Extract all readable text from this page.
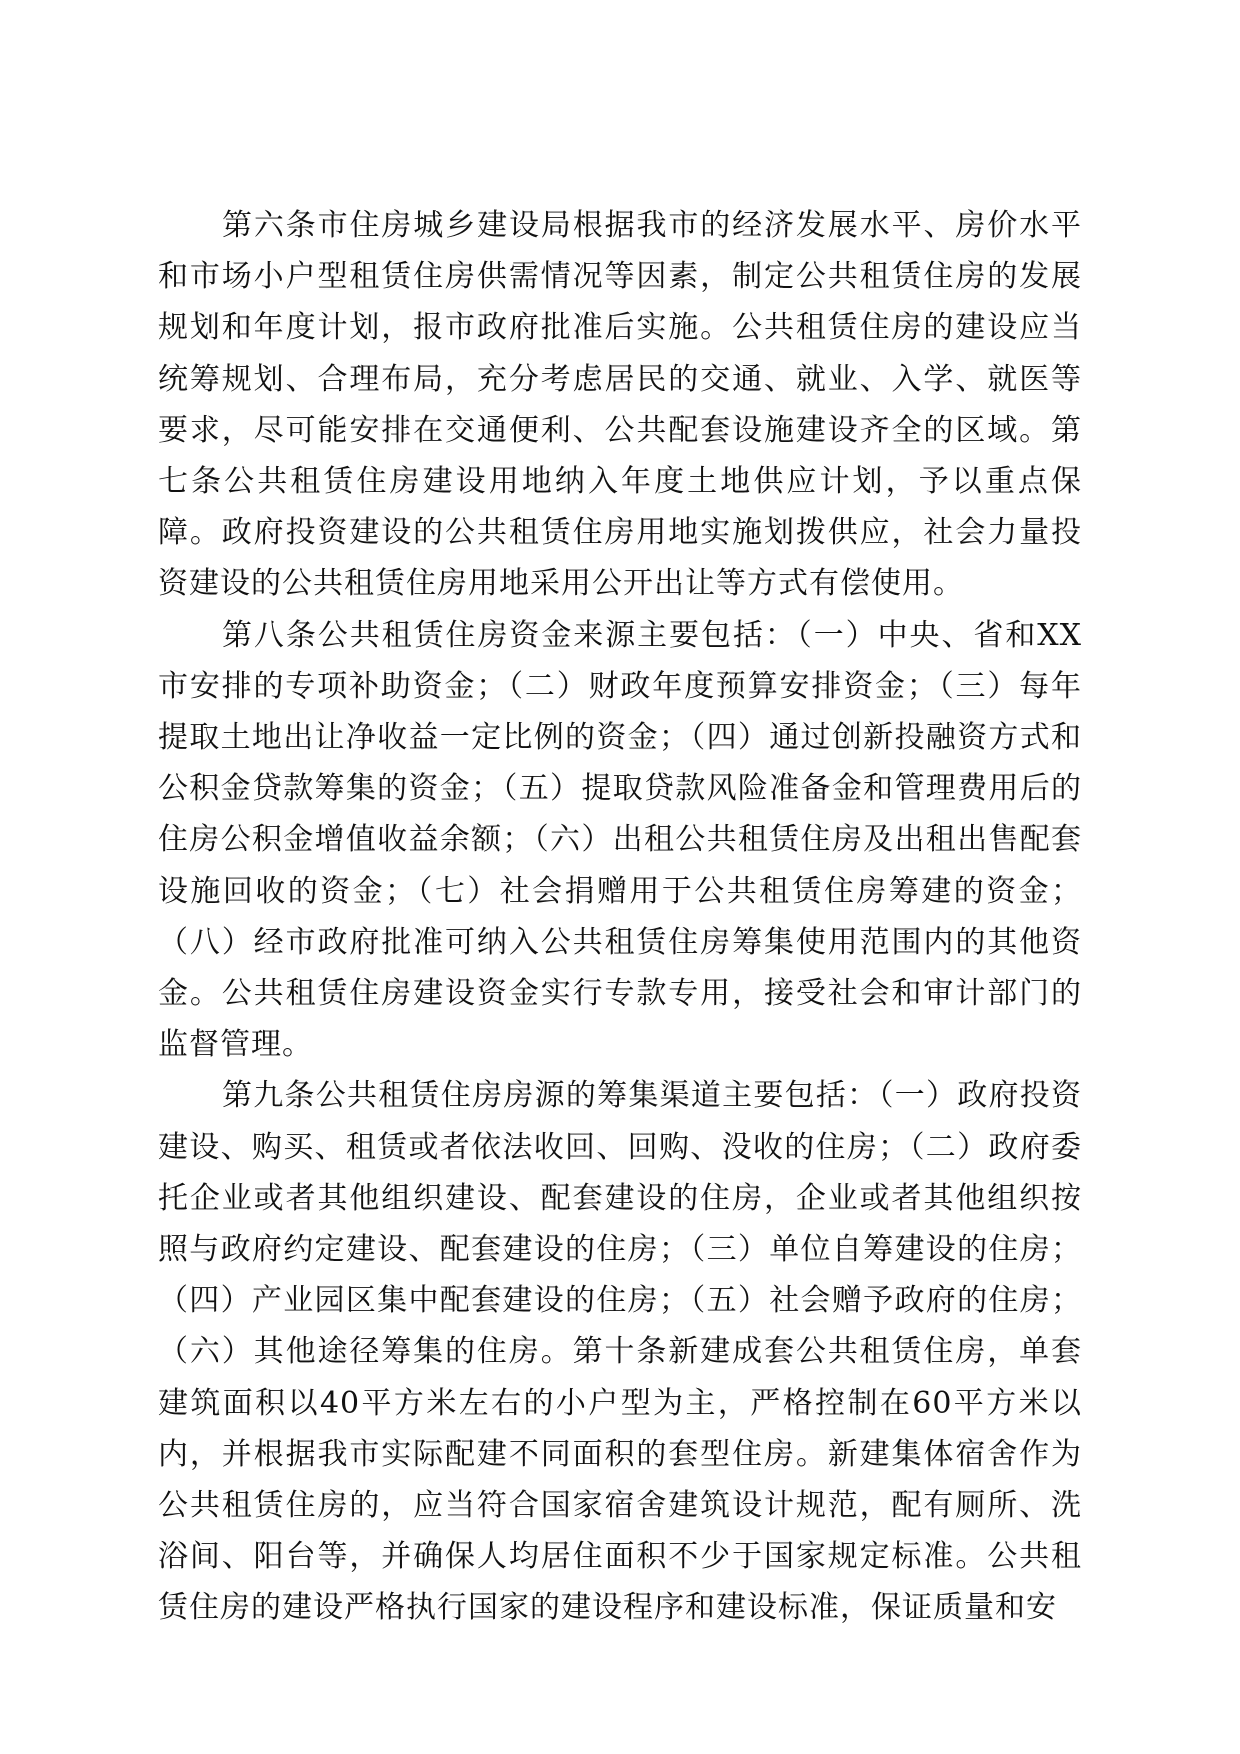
第六条市住房城乡建设局根据我市的经济发展水平、房价水平和市场小户型租赁住房供需情况等因素，制定公共租赁住房的发展规划和年度计划，报市政府批准后实施。公共租赁住房的建设应当统筹规划、合理布局，充分考虑居民的交通、就业、入学、就医等要求，尽可能安排在交通便利、公共配套设施建设齐全的区域。第七条公共租赁住房建设用地纳入年度土地供应计划，予以重点保障。政府投资建设的公共租赁住房用地实施划拨供应，社会力量投资建设的公共租赁住房用地采用公开出让等方式有偿使用。

第八条公共租赁住房资金来源主要包括：（一）中央、省和XX市安排的专项补助资金；（二）财政年度预算安排资金；（三）每年提取土地出让净收益一定比例的资金；（四）通过创新投融资方式和公积金贷款筹集的资金；（五）提取贷款风险准备金和管理费用后的住房公积金增值收益余额；（六）出租公共租赁住房及出租出售配套设施回收的资金；（七）社会捐赠用于公共租赁住房筹建的资金；（八）经市政府批准可纳入公共租赁住房筹集使用范围内的其他资金。公共租赁住房建设资金实行专款专用，接受社会和审计部门的监督管理。

第九条公共租赁住房房源的筹集渠道主要包括：（一）政府投资建设、购买、租赁或者依法收回、回购、没收的住房；（二）政府委托企业或者其他组织建设、配套建设的住房，企业或者其他组织按照与政府约定建设、配套建设的住房；（三）单位自筹建设的住房；（四）产业园区集中配套建设的住房；（五）社会赠予政府的住房；（六）其他途径筹集的住房。第十条新建成套公共租赁住房，单套建筑面积以40平方米左右的小户型为主，严格控制在60平方米以内，并根据我市实际配建不同面积的套型住房。新建集体宿舍作为公共租赁住房的，应当符合国家宿舍建筑设计规范，配有厕所、洗浴间、阳台等，并确保人均居住面积不少于国家规定标准。公共租赁住房的建设严格执行国家的建设程序和建设标准，保证质量和安
